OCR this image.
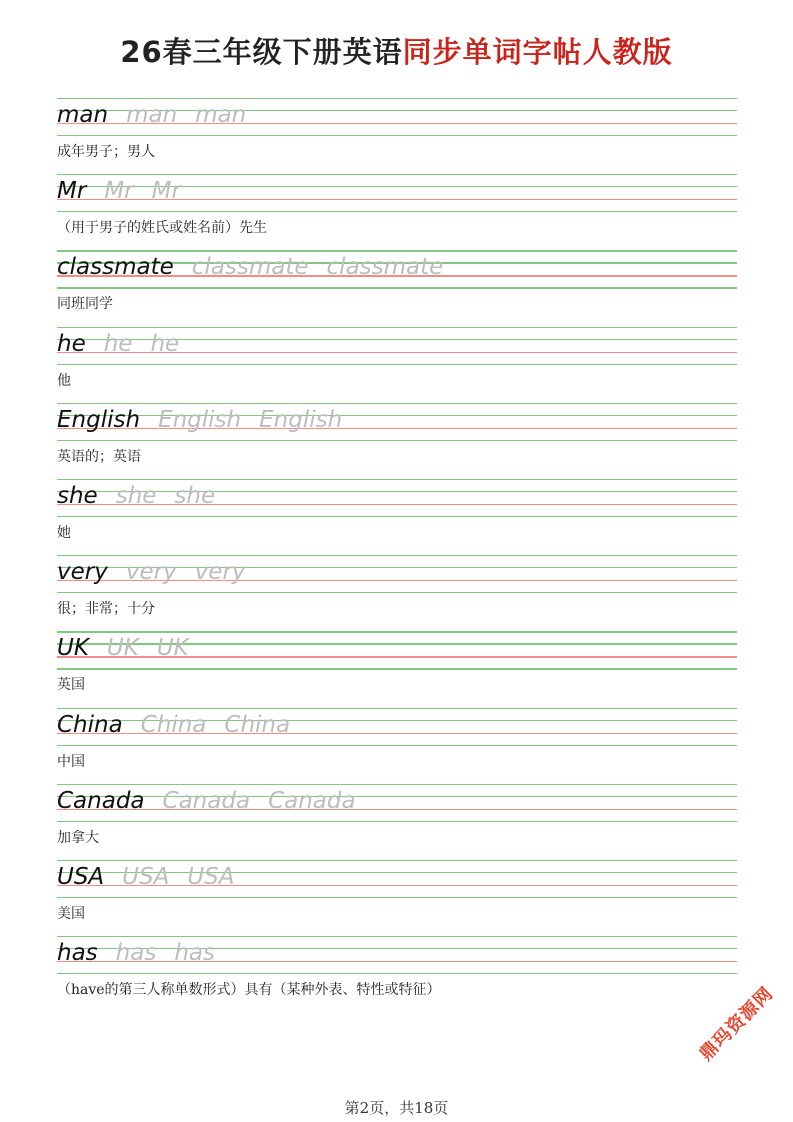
26春三年级下册英语同步单词字帖人教版
man man man
成年男子；男人
Mr Mr Mr
（用于男子的姓氏或姓名前）先生
classmate classmate classmate
同班同学
he he he
他
English English English
英语的；英语
she she she
她
very very very
很；非常；十分
UK UK UK
英国
China China China
中国
Canada Canada Canada
加拿大
USA USA USA
美国
has has has
（have的第三人称单数形式）具有（某种外表、特性或特征）
第2页，共18页
鼎玛资源网
